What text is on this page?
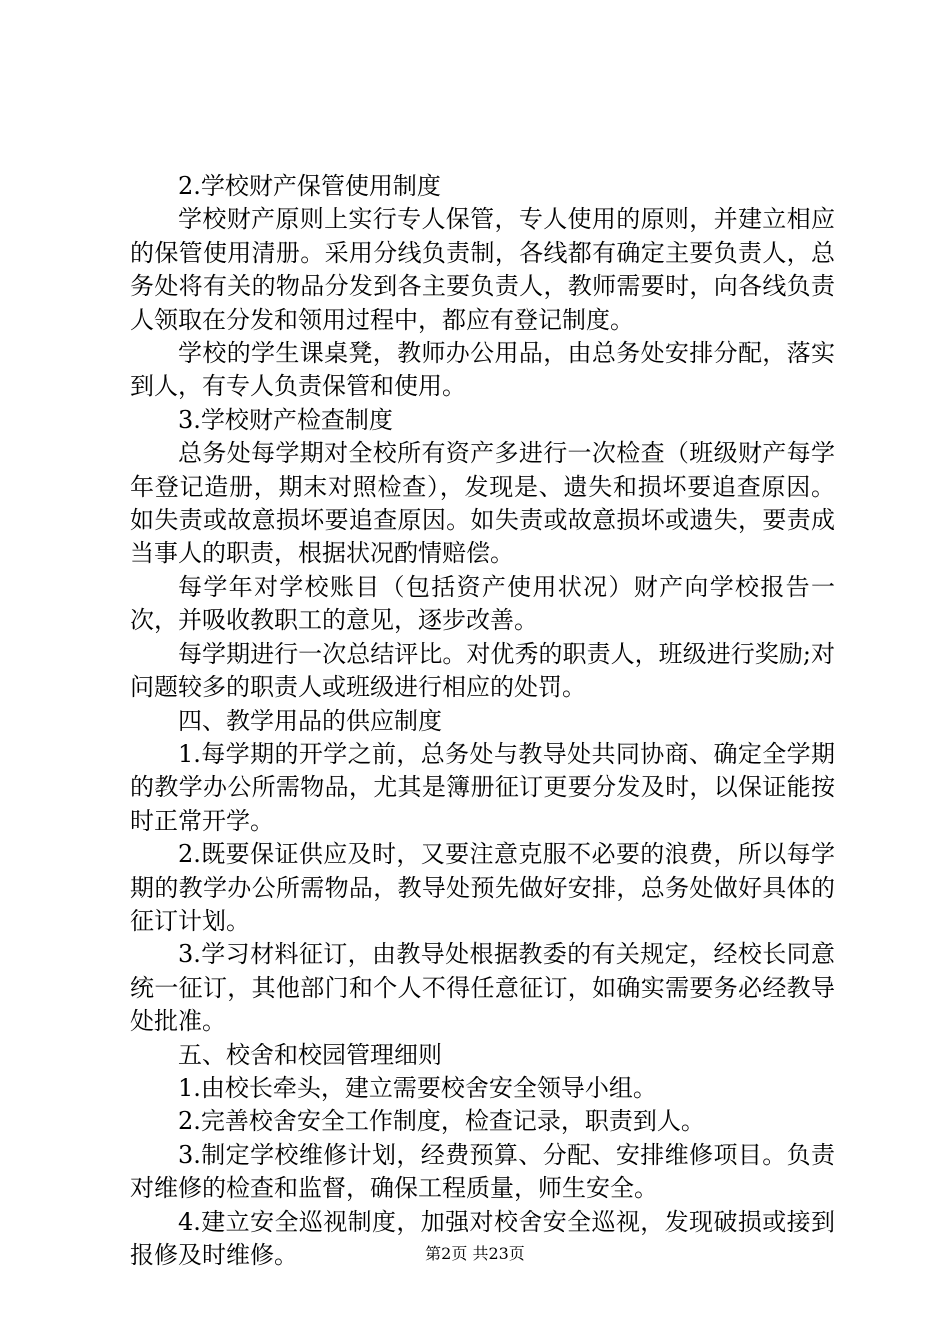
2.学校财产保管使用制度

学校财产原则上实行专人保管，专人使用的原则，并建立相应的保管使用清册。采用分线负责制，各线都有确定主要负责人，总务处将有关的物品分发到各主要负责人，教师需要时，向各线负责人领取在分发和领用过程中，都应有登记制度。

学校的学生课桌凳，教师办公用品，由总务处安排分配，落实到人，有专人负责保管和使用。

3.学校财产检查制度

总务处每学期对全校所有资产多进行一次检查（班级财产每学年登记造册，期末对照检查），发现是、遗失和损坏要追查原因。如失责或故意损坏要追查原因。如失责或故意损坏或遗失，要责成当事人的职责，根据状况酌情赔偿。

每学年对学校账目（包括资产使用状况）财产向学校报告一次，并吸收教职工的意见，逐步改善。

每学期进行一次总结评比。对优秀的职责人，班级进行奖励;对问题较多的职责人或班级进行相应的处罚。

四、教学用品的供应制度

1.每学期的开学之前，总务处与教导处共同协商、确定全学期的教学办公所需物品，尤其是簿册征订更要分发及时，以保证能按时正常开学。

2.既要保证供应及时，又要注意克服不必要的浪费，所以每学期的教学办公所需物品，教导处预先做好安排，总务处做好具体的征订计划。

3.学习材料征订，由教导处根据教委的有关规定，经校长同意统一征订，其他部门和个人不得任意征订，如确实需要务必经教导处批准。

五、校舍和校园管理细则

1.由校长牵头，建立需要校舍安全领导小组。

2.完善校舍安全工作制度，检查记录，职责到人。

3.制定学校维修计划，经费预算、分配、安排维修项目。负责对维修的检查和监督，确保工程质量，师生安全。

4.建立安全巡视制度，加强对校舍安全巡视，发现破损或接到报修及时维修。	第2页 共23页
